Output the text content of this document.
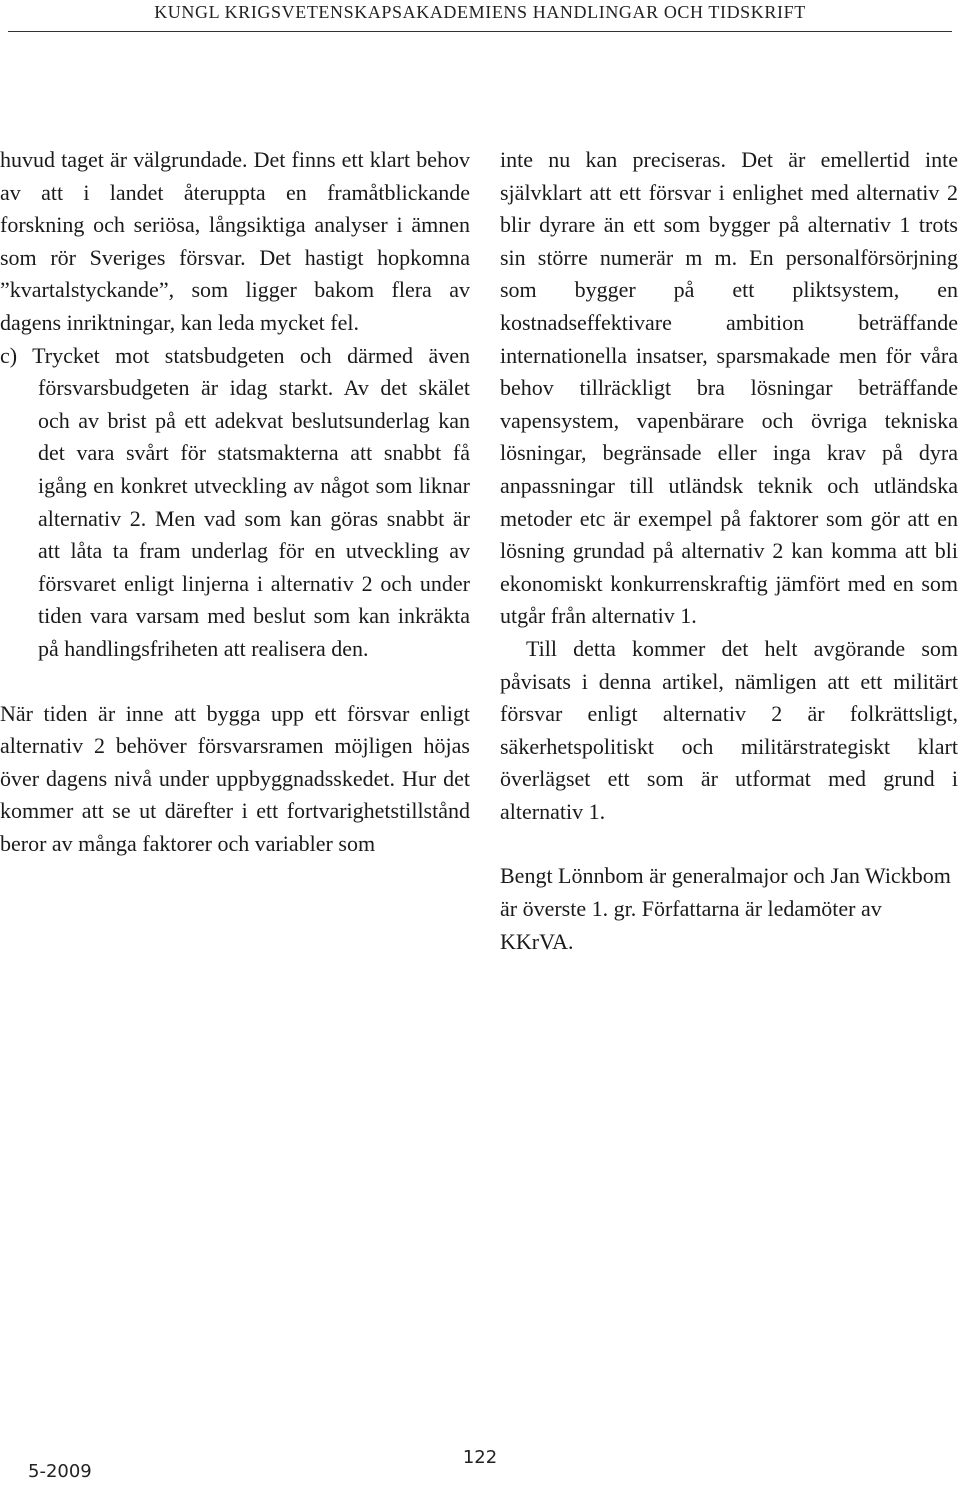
KUNGL KRIGSVETENSKAPSAKADEMIENS HANDLINGAR OCH TIDSKRIFT

huvud taget är välgrundade. Det finns ett klart behov av att i landet återuppta en framåtblickande forskning och seriösa, långsiktiga analyser i ämnen som rör Sveriges försvar. Det hastigt hopkomna ”kvartalstyckande”, som ligger bakom flera av dagens inriktningar, kan leda mycket fel.

c) Trycket mot statsbudgeten och därmed även försvarsbudgeten är idag starkt. Av det skälet och av brist på ett adekvat beslutsunderlag kan det vara svårt för statsmakterna att snabbt få igång en konkret utveckling av något som liknar alternativ 2. Men vad som kan göras snabbt är att låta ta fram underlag för en utveckling av försvaret enligt linjerna i alternativ 2 och under tiden vara varsam med beslut som kan inkräkta på handlingsfriheten att realisera den.

När tiden är inne att bygga upp ett försvar enligt alternativ 2 behöver försvarsramen möjligen höjas över dagens nivå under uppbyggnadsskedet. Hur det kommer att se ut därefter i ett fortvarighetstillstånd beror av många faktorer och variabler som

inte nu kan preciseras. Det är emellertid inte självklart att ett försvar i enlighet med alternativ 2 blir dyrare än ett som bygger på alternativ 1 trots sin större numerär m m. En personalförsörjning som bygger på ett pliktsystem, en kostnadseffektivare ambition beträffande internationella insatser, sparsmakade men för våra behov tillräckligt bra lösningar beträffande vapensystem, vapenbärare och övriga tekniska lösningar, begränsade eller inga krav på dyra anpassningar till utländsk teknik och utländska metoder etc är exempel på faktorer som gör att en lösning grundad på alternativ 2 kan komma att bli ekonomiskt konkurrenskraftig jämfört med en som utgår från alternativ 1.

Till detta kommer det helt avgörande som påvisats i denna artikel, nämligen att ett militärt försvar enligt alternativ 2 är folkrättsligt, säkerhetspolitiskt och militärstrategiskt klart överlägset ett som är utformat med grund i alternativ 1.

Bengt Lönnbom är generalmajor och Jan Wickbom är överste 1. gr. Författarna är ledamöter av KKrVA.

5-2009
122
